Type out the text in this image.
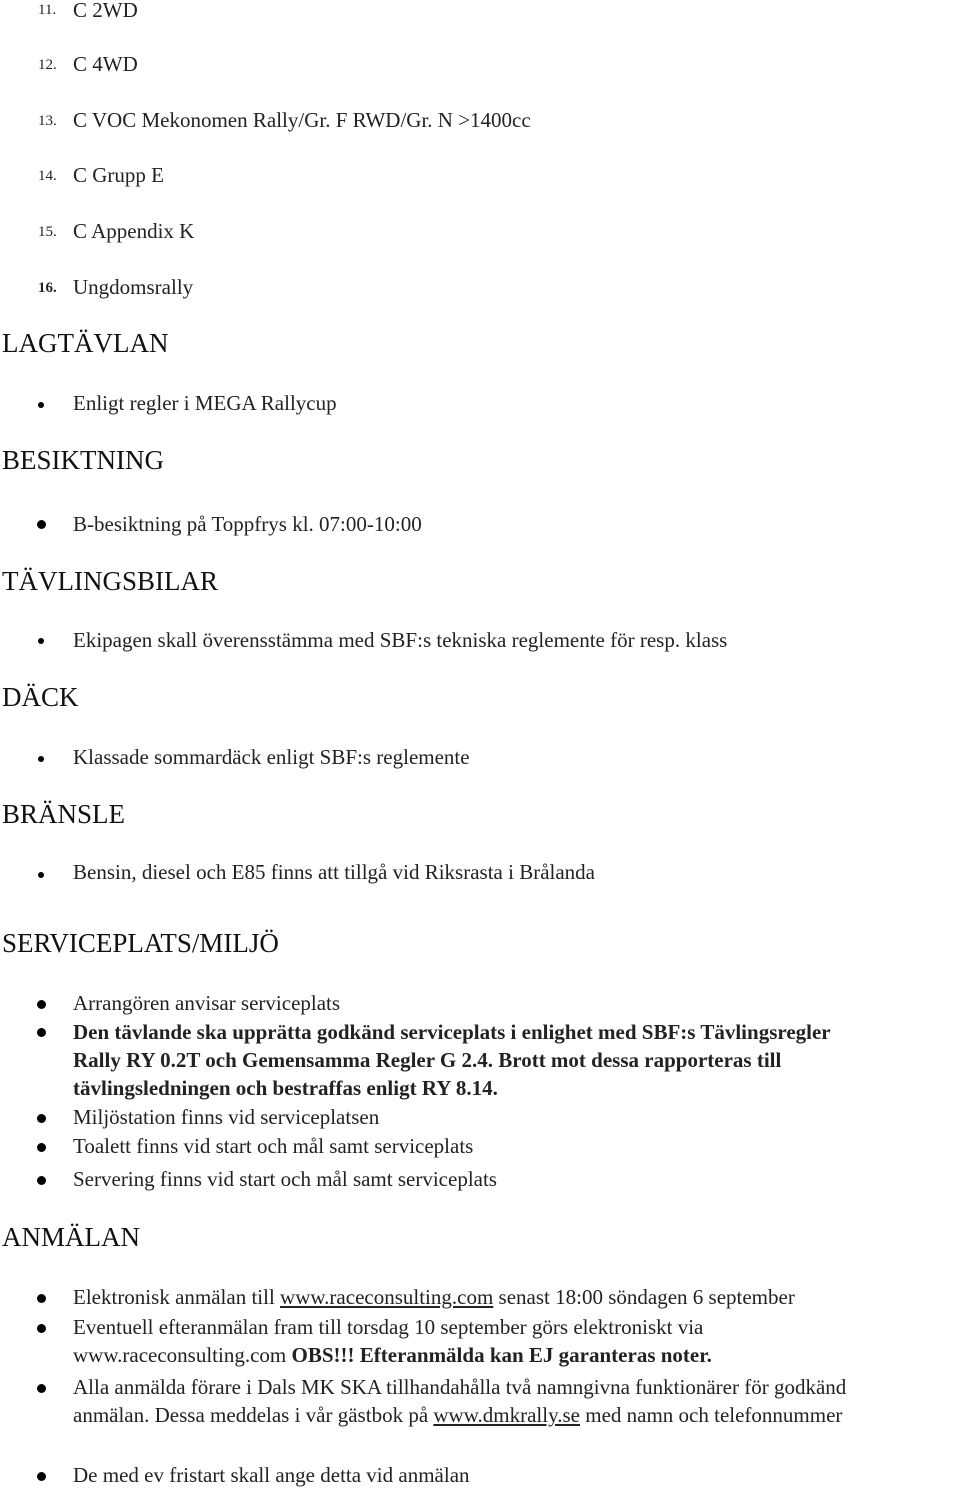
11. C 2WD
12. C 4WD
13. C VOC Mekonomen Rally/Gr. F RWD/Gr. N >1400cc
14. C Grupp E
15. C Appendix K
16. Ungdomsrally
LAGTÄVLAN
Enligt regler i MEGA Rallycup
BESIKTNING
B-besiktning på Toppfrys kl. 07:00-10:00
TÄVLINGSBILAR
Ekipagen skall överensstämma med SBF:s tekniska reglemente för resp. klass
DÄCK
Klassade sommardäck enligt SBF:s reglemente
BRÄNSLE
Bensin, diesel och E85 finns att tillgå vid Riksrasta i Brålanda
SERVICEPLATS/MILJÖ
Arrangören anvisar serviceplats
Den tävlande ska upprätta godkänd serviceplats i enlighet med SBF:s Tävlingsregler
Rally RY 0.2T och Gemensamma Regler G 2.4. Brott mot dessa rapporteras till
tävlingsledningen och bestraffas enligt RY 8.14.
Miljöstation finns vid serviceplatsen
Toalett finns vid start och mål samt serviceplats
Servering finns vid start och mål samt serviceplats
ANMÄLAN
Elektronisk anmälan till www.raceconsulting.com senast 18:00 söndagen 6 september
Eventuell efteranmälan fram till torsdag 10 september görs elektroniskt via
www.raceconsulting.com OBS!!! Efteranmälda kan EJ garanteras noter.
Alla anmälda förare i Dals MK SKA tillhandahålla två namngivna funktionärer för godkänd
anmälan. Dessa meddelas i vår gästbok på www.dmkrally.se med namn och telefonnummer
De med ev fristart skall ange detta vid anmälan
